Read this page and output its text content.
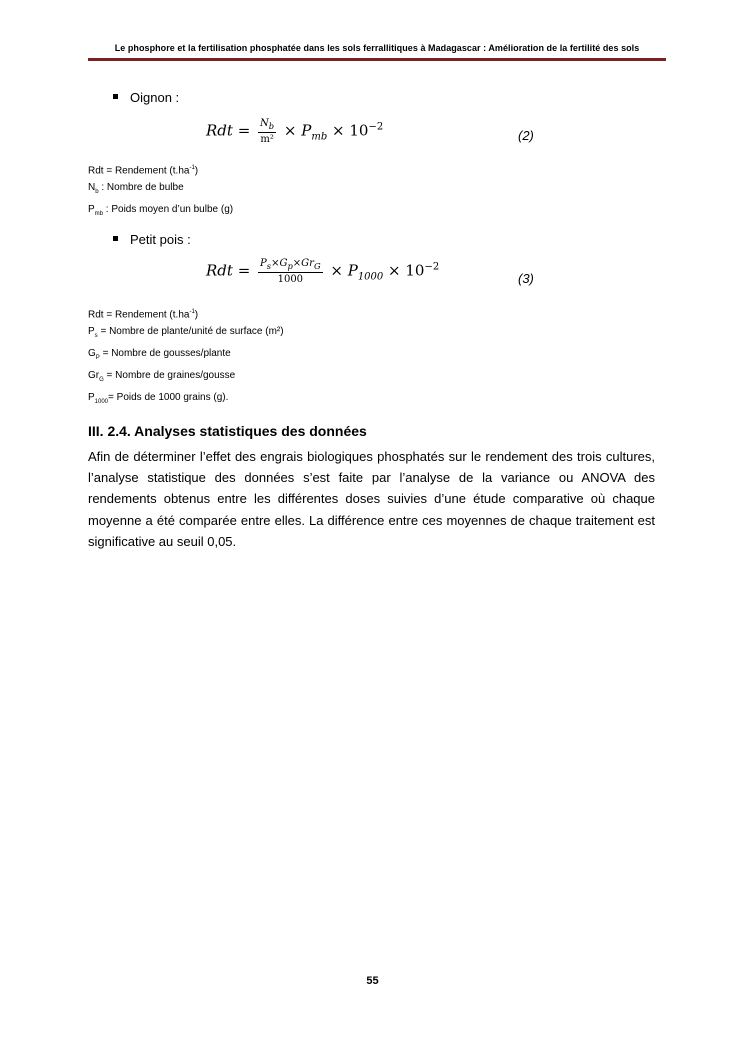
Le phosphore et la fertilisation phosphatée dans les sols ferrallitiques à Madagascar : Amélioration de la fertilité des sols
Oignon :
Rdt = $\frac{N_b}{\text{m²}} \times P_{mb} \times 10^{-2}$
(2)
Rdt = Rendement $(t.ha^{-1})$
$N_b$ : Nombre de bulbe
$P_{mb}$ : Poids moyen d’un bulbe (g)
Petit pois :
Rdt = $\frac{P_s\times G_p\times Gr_G}{1000} \times P_{1000} \times 10^{-2}$
(3)
Rdt = Rendement $(t.ha^{-1})$
$P_s$ = Nombre de plante/unité de surface (m²)
$G_P$ = Nombre de gousses/plante
$Gr_G$ = Nombre de graines/gousse
$P_{1000}=$ Poids de 1000 grains (g).
III. 2.4. Analyses statistiques des données
Afin de déterminer l’effet des engrais biologiques phosphatés sur le rendement des trois cultures, l’analyse statistique des données s’est faite par l’analyse de la variance ou ANOVA des rendements obtenus entre les différentes doses suivies d’une étude comparative où chaque moyenne a été comparée entre elles. La différence entre ces moyennes de chaque traitement est significative au seuil 0,05.
55
